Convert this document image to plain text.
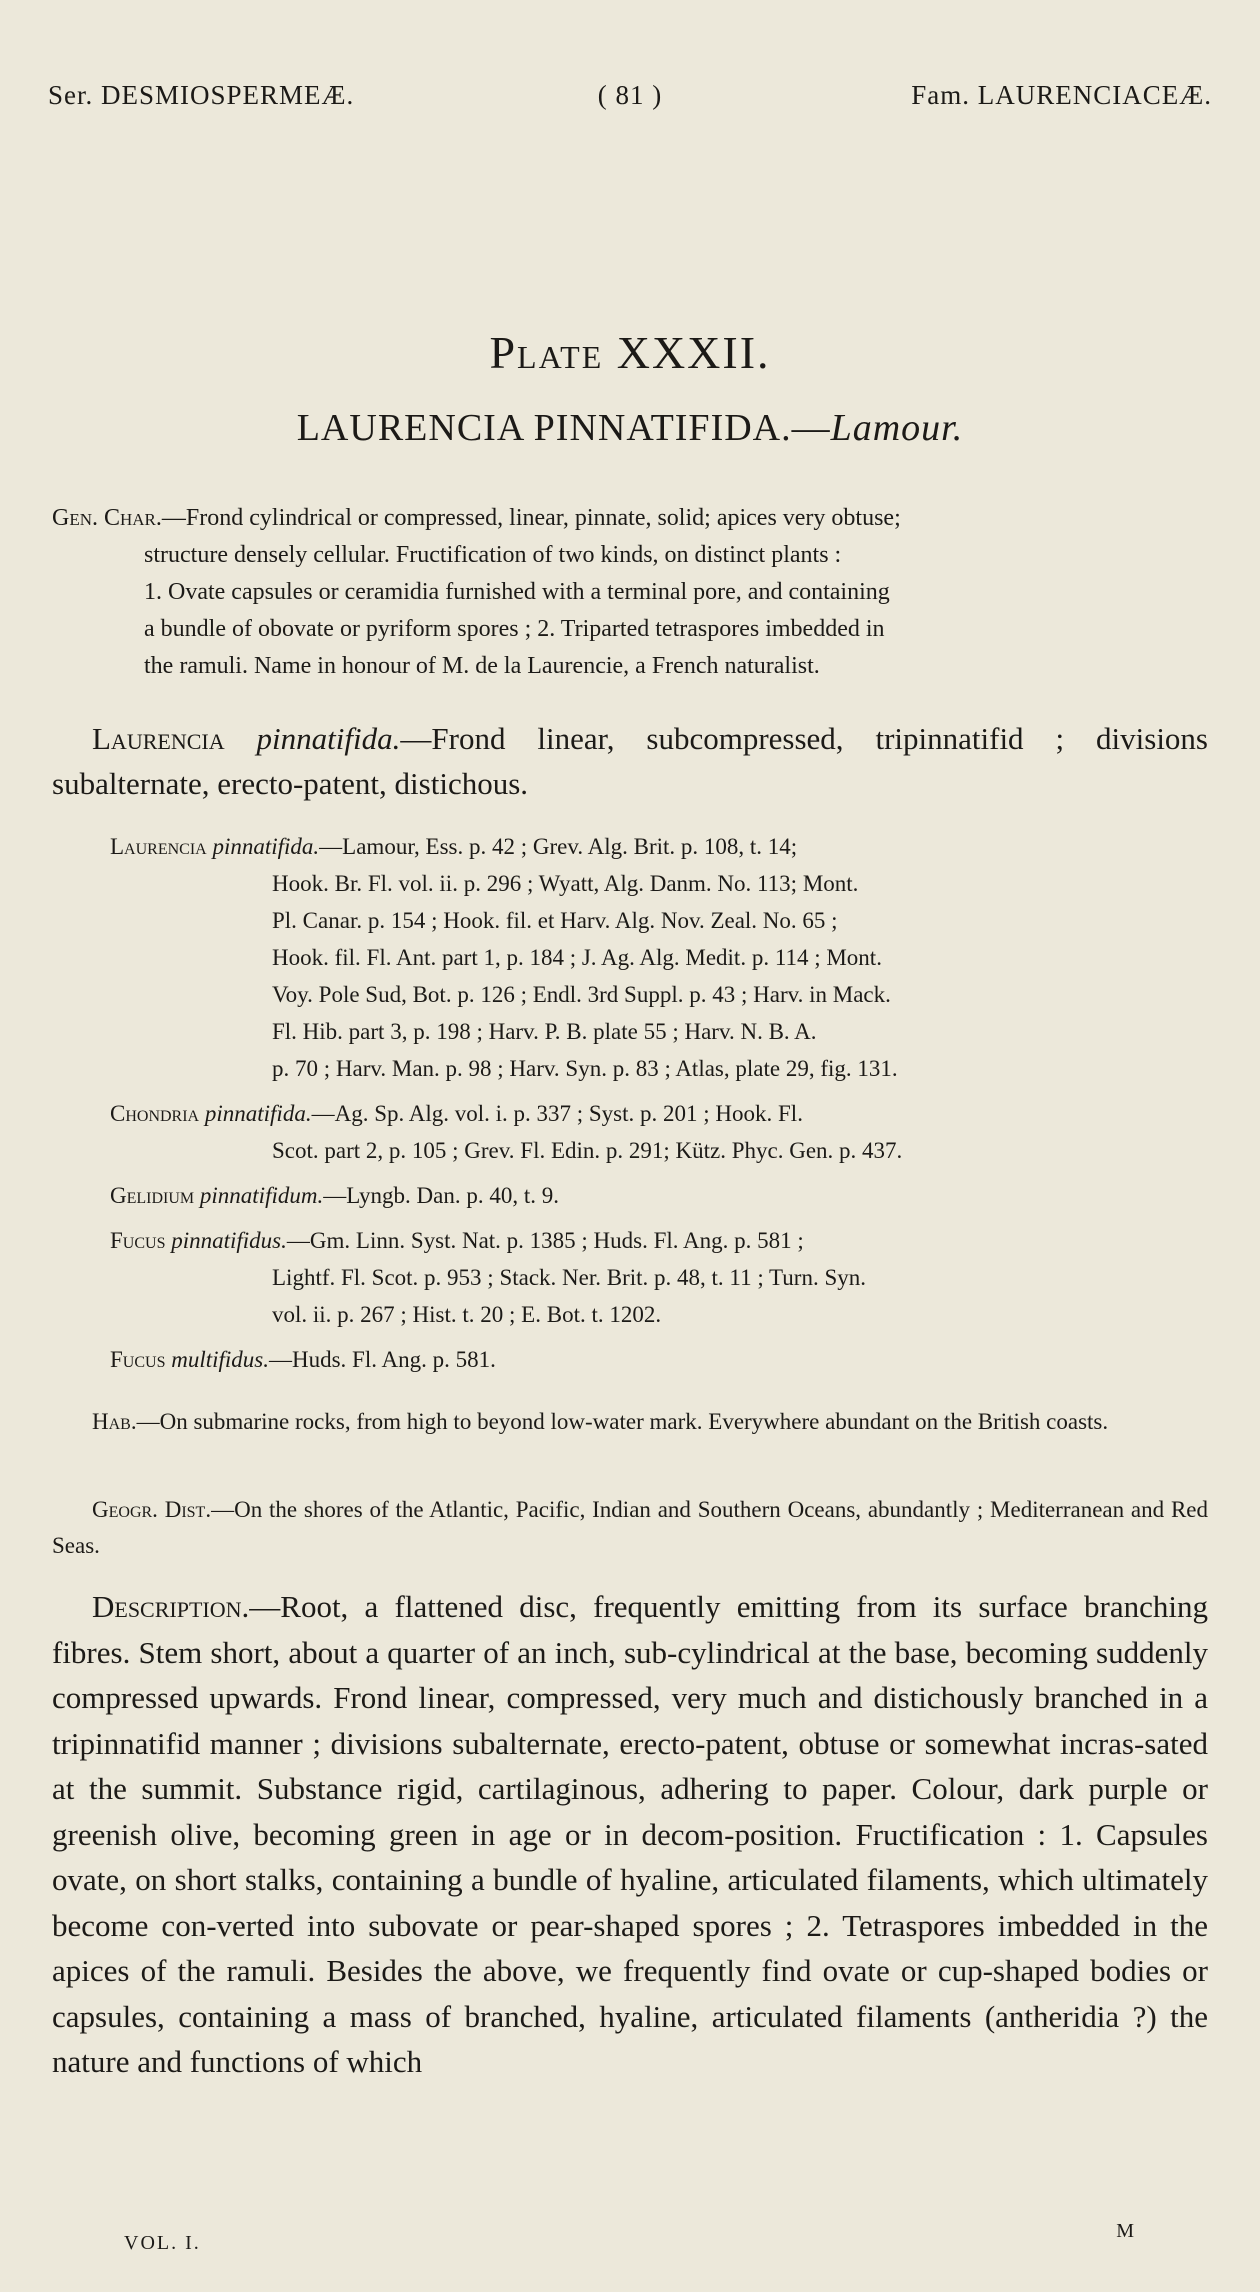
Ser. DESMIOSPERMEÆ.	( 81 )	Fam. LAURENCIACEÆ.
Plate XXXII.
LAURENCIA PINNATIFIDA.—Lamour.
Gen. Char.—Frond cylindrical or compressed, linear, pinnate, solid; apices very obtuse;
structure densely cellular. Fructification of two kinds, on distinct plants :
1. Ovate capsules or ceramidia furnished with a terminal pore, and containing
a bundle of obovate or pyriform spores ; 2. Triparted tetraspores imbedded in
the ramuli. Name in honour of M. de la Laurencie, a French naturalist.
Laurencia pinnatifida.—Frond linear, subcompressed, tripinnatifid ; divisions subalternate, erecto-patent, distichous.
Laurencia pinnatifida.—Lamour, Ess. p. 42 ; Grev. Alg. Brit. p. 108, t. 14;
Hook. Br. Fl. vol. ii. p. 296 ; Wyatt, Alg. Danm. No. 113; Mont.
Pl. Canar. p. 154 ; Hook. fil. et Harv. Alg. Nov. Zeal. No. 65 ;
Hook. fil. Fl. Ant. part 1, p. 184 ; J. Ag. Alg. Medit. p. 114 ; Mont.
Voy. Pole Sud, Bot. p. 126 ; Endl. 3rd Suppl. p. 43 ; Harv. in Mack.
Fl. Hib. part 3, p. 198 ; Harv. P. B. plate 55 ; Harv. N. B. A.
p. 70 ; Harv. Man. p. 98 ; Harv. Syn. p. 83 ; Atlas, plate 29, fig. 131.
Chondria pinnatifida.—Ag. Sp. Alg. vol. i. p. 337 ; Syst. p. 201 ; Hook. Fl.
Scot. part 2, p. 105 ; Grev. Fl. Edin. p. 291; Kütz. Phyc. Gen. p. 437.
Gelidium pinnatifidum.—Lyngb. Dan. p. 40, t. 9.
Fucus pinnatifidus.—Gm. Linn. Syst. Nat. p. 1385 ; Huds. Fl. Ang. p. 581 ;
Lightf. Fl. Scot. p. 953 ; Stack. Ner. Brit. p. 48, t. 11 ; Turn. Syn.
vol. ii. p. 267 ; Hist. t. 20 ; E. Bot. t. 1202.
Fucus multifidus.—Huds. Fl. Ang. p. 581.
Hab.—On submarine rocks, from high to beyond low-water mark. Everywhere abundant on the British coasts.
Geogr. Dist.—On the shores of the Atlantic, Pacific, Indian and Southern Oceans, abundantly ; Mediterranean and Red Seas.
Description.—Root, a flattened disc, frequently emitting from its surface branching fibres. Stem short, about a quarter of an inch, sub-cylindrical at the base, becoming suddenly compressed upwards. Frond linear, compressed, very much and distichously branched in a tripinnatifid manner ; divisions subalternate, erecto-patent, obtuse or somewhat incras-sated at the summit. Substance rigid, cartilaginous, adhering to paper. Colour, dark purple or greenish olive, becoming green in age or in decom-position. Fructification : 1. Capsules ovate, on short stalks, containing a bundle of hyaline, articulated filaments, which ultimately become con-verted into subovate or pear-shaped spores ; 2. Tetraspores imbedded in the apices of the ramuli. Besides the above, we frequently find ovate or cup-shaped bodies or capsules, containing a mass of branched, hyaline, articulated filaments (antheridia ?) the nature and functions of which
VOL. I.
M
